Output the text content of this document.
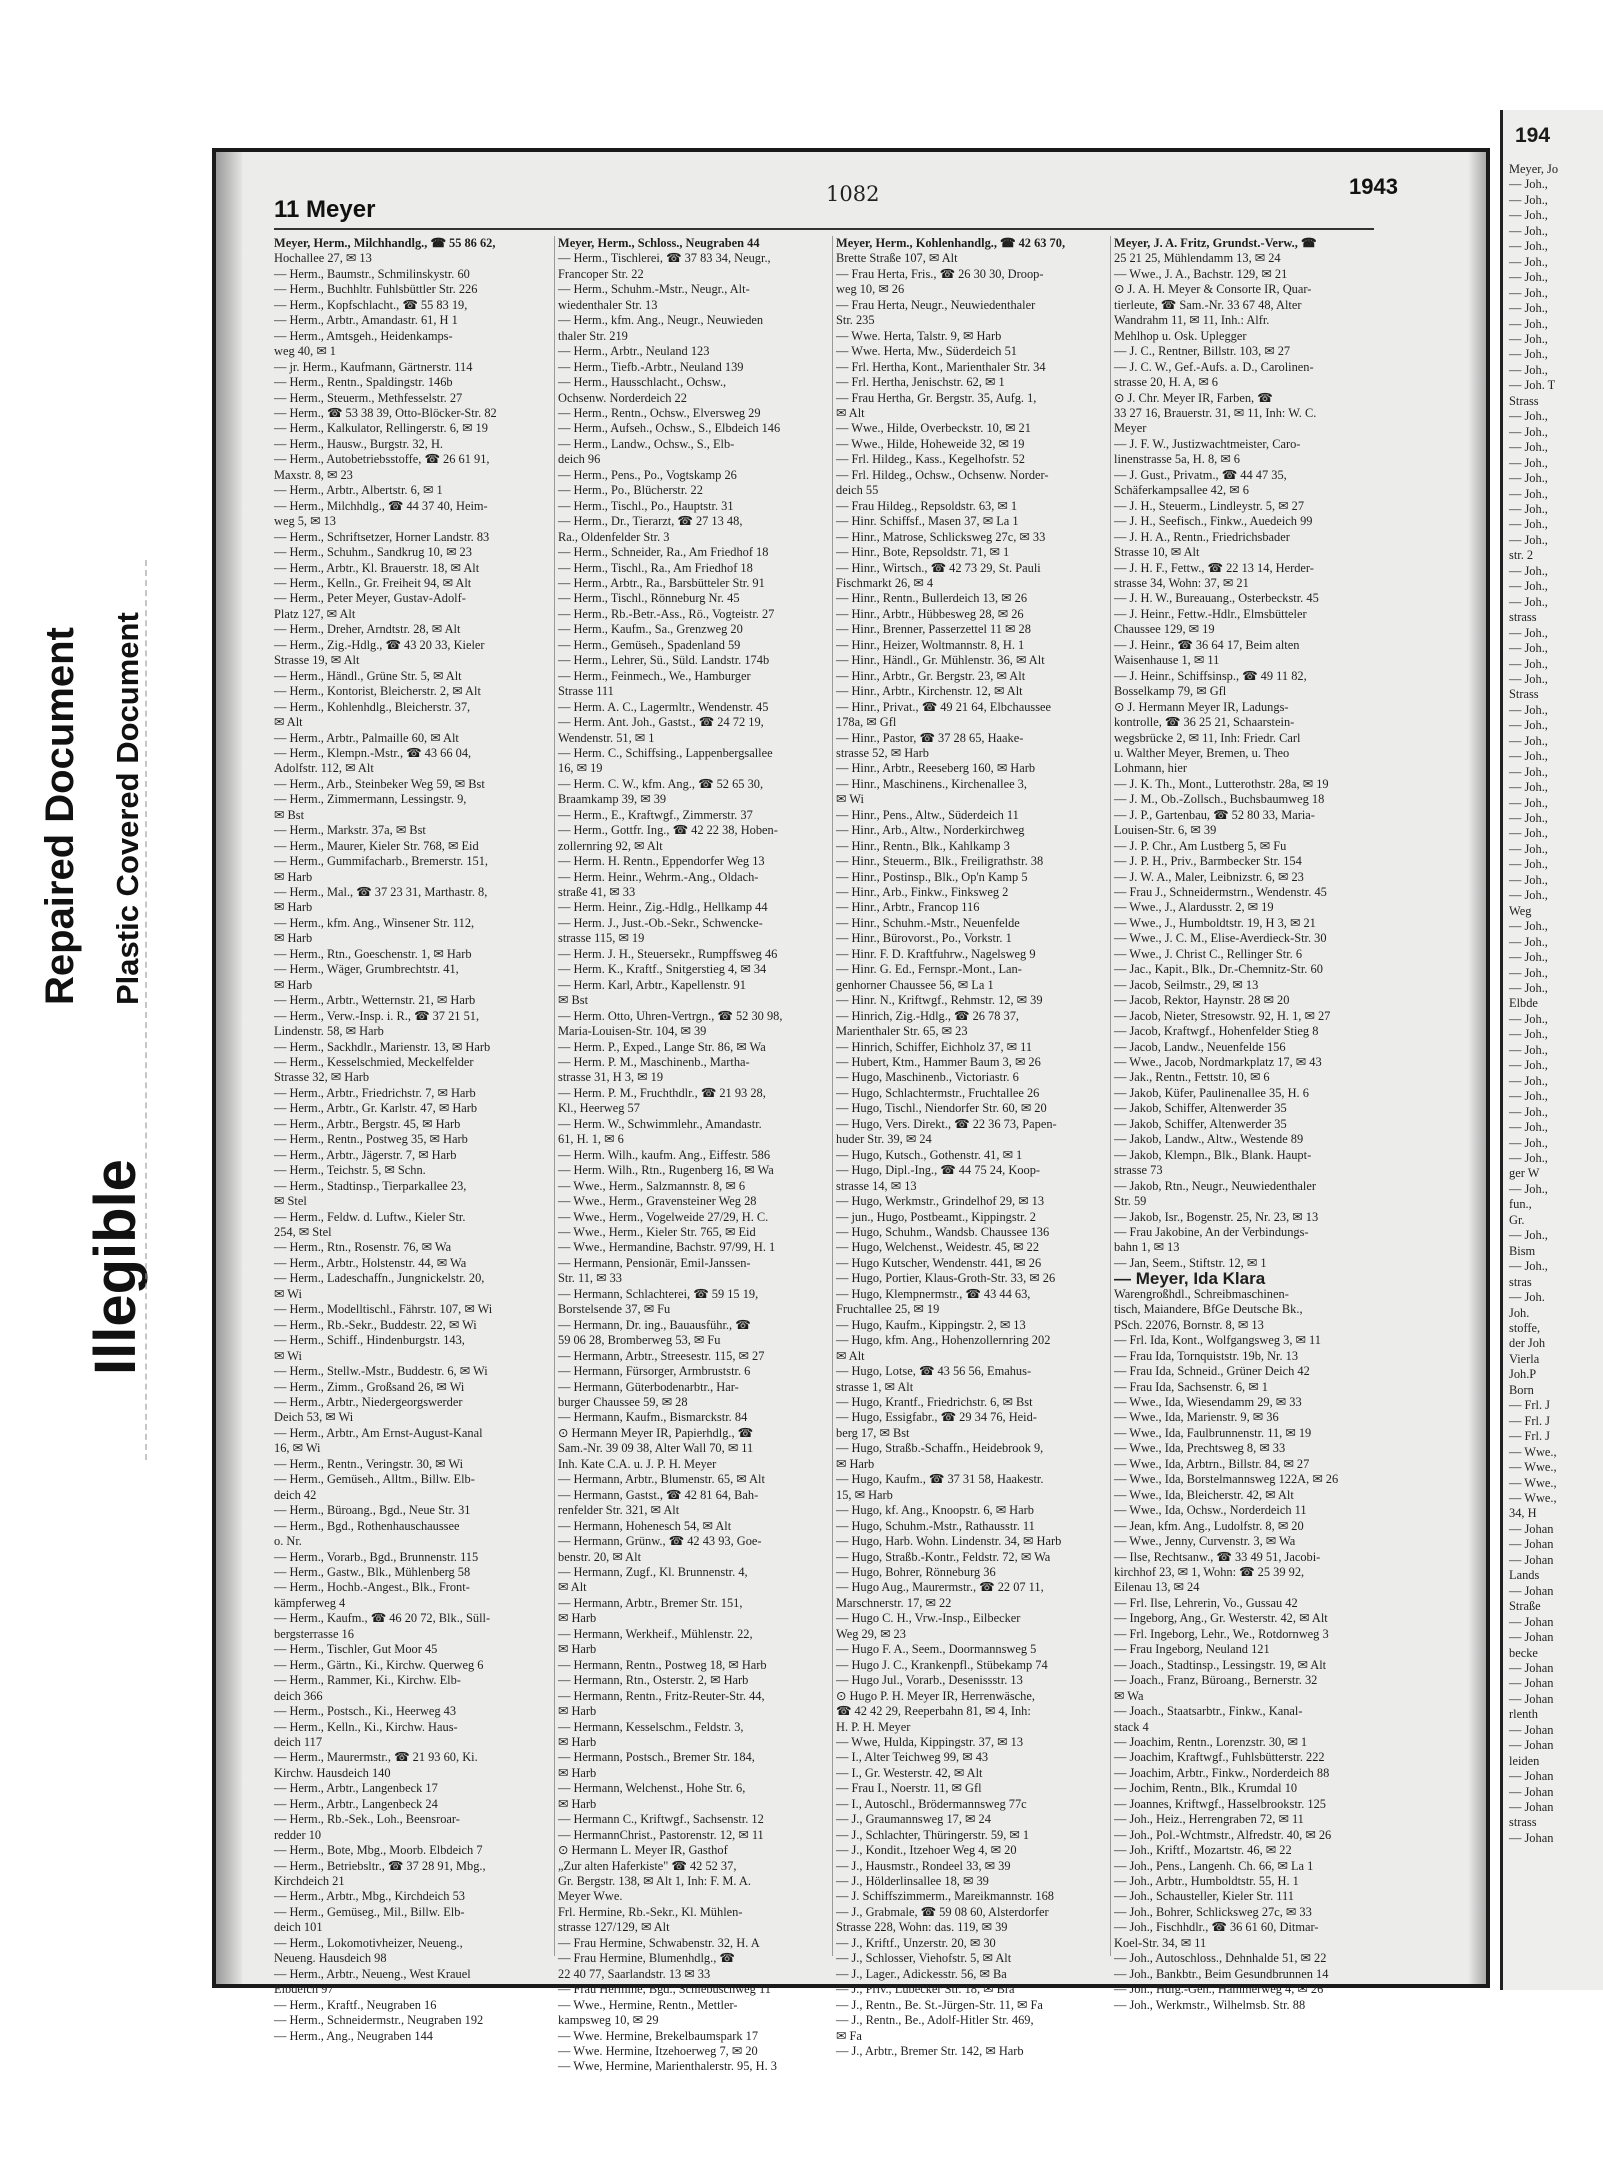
Repaired Document Plastic Covered Document
Illegible
11 Meyer
1082	1943
Meyer, Herm., Milchhandlg., ☎ 55 86 62,
Hochallee 27, ✉ 13
— Herm., Baumstr., Schmilinskystr. 60
— Herm., Buchhltr. Fuhlsbüttler Str. 226
— Herm., Kopfschlacht., ☎ 55 83 19,
— Herm., Arbtr., Amandastr. 61, H 1
— Herm., Amtsgeh., Heidenkamps-
weg 40, ✉ 1
— jr. Herm., Kaufmann, Gärtnerstr. 114
— Herm., Rentn., Spaldingstr. 146b
— Herm., Steuerm., Methfesselstr. 27
— Herm., ☎ 53 38 39, Otto-Blöcker-Str. 82
— Herm., Kalkulator, Rellingerstr. 6, ✉ 19
— Herm., Hausw., Burgstr. 32, H.
— Herm., Autobetriebsstoffe, ☎ 26 61 91,
Maxstr. 8, ✉ 23
— Herm., Arbtr., Albertstr. 6, ✉ 1
— Herm., Milchhdlg., ☎ 44 37 40, Heim-
weg 5, ✉ 13
— Herm., Schriftsetzer, Horner Landstr. 83
— Herm., Schuhm., Sandkrug 10, ✉ 23
— Herm., Arbtr., Kl. Brauerstr. 18, ✉ Alt
— Herm., Kelln., Gr. Freiheit 94, ✉ Alt
— Herm., Peter Meyer, Gustav-Adolf-
Platz 127, ✉ Alt
— Herm., Dreher, Arndtstr. 28, ✉ Alt
— Herm., Zig.-Hdlg., ☎ 43 20 33, Kieler
Strasse 19, ✉ Alt
— Herm., Händl., Grüne Str. 5, ✉ Alt
— Herm., Kontorist, Bleicherstr. 2, ✉ Alt
— Herm., Kohlenhdlg., Bleicherstr. 37,
✉ Alt
— Herm., Arbtr., Palmaille 60, ✉ Alt
— Herm., Klempn.-Mstr., ☎ 43 66 04,
Adolfstr. 112, ✉ Alt
— Herm., Arb., Steinbeker Weg 59, ✉ Bst
— Herm., Zimmermann, Lessingstr. 9,
✉ Bst
— Herm., Markstr. 37a, ✉ Bst
— Herm., Maurer, Kieler Str. 768, ✉ Eid
— Herm., Gummifacharb., Bremerstr. 151,
✉ Harb
— Herm., Mal., ☎ 37 23 31, Marthastr. 8,
✉ Harb
— Herm., kfm. Ang., Winsener Str. 112,
✉ Harb
— Herm., Rtn., Goeschenstr. 1, ✉ Harb
— Herm., Wäger, Grumbrechtstr. 41,
✉ Harb
— Herm., Arbtr., Wetternstr. 21, ✉ Harb
— Herm., Verw.-Insp. i. R., ☎ 37 21 51,
Lindenstr. 58, ✉ Harb
— Herm., Sackhdlr., Marienstr. 13, ✉ Harb
— Herm., Kesselschmied, Meckelfelder
Strasse 32, ✉ Harb
— Herm., Arbtr., Friedrichstr. 7, ✉ Harb
— Herm., Arbtr., Gr. Karlstr. 47, ✉ Harb
— Herm., Arbtr., Bergstr. 45, ✉ Harb
— Herm., Rentn., Postweg 35, ✉ Harb
— Herm., Arbtr., Jägerstr. 7, ✉ Harb
— Herm., Teichstr. 5, ✉ Schn.
— Herm., Stadtinsp., Tierparkallee 23,
✉ Stel
— Herm., Feldw. d. Luftw., Kieler Str.
254, ✉ Stel
— Herm., Rtn., Rosenstr. 76, ✉ Wa
— Herm., Arbtr., Holstenstr. 44, ✉ Wa
— Herm., Ladeschaffn., Jungnickelstr. 20,
✉ Wi
— Herm., Modelltischl., Fährstr. 107, ✉ Wi
— Herm., Rb.-Sekr., Buddestr. 22, ✉ Wi
— Herm., Schiff., Hindenburgstr. 143,
✉ Wi
— Herm., Stellw.-Mstr., Buddestr. 6, ✉ Wi
— Herm., Zimm., Großsand 26, ✉ Wi
— Herm., Arbtr., Niedergeorgswerder
Deich 53, ✉ Wi
— Herm., Arbtr., Am Ernst-August-Kanal
16, ✉ Wi
— Herm., Rentn., Veringstr. 30, ✉ Wi
— Herm., Gemüseh., Alltm., Billw. Elb-
deich 42
— Herm., Büroang., Bgd., Neue Str. 31
— Herm., Bgd., Rothenhauschaussee
o. Nr.
— Herm., Vorarb., Bgd., Brunnenstr. 115
— Herm., Gastw., Blk., Mühlenberg 58
— Herm., Hochb.-Angest., Blk., Front-
kämpferweg 4
— Herm., Kaufm., ☎ 46 20 72, Blk., Süll-
bergsterrasse 16
— Herm., Tischler, Gut Moor 45
— Herm., Gärtn., Ki., Kirchw. Querweg 6
— Herm., Rammer, Ki., Kirchw. Elb-
deich 366
— Herm., Postsch., Ki., Heerweg 43
— Herm., Kelln., Ki., Kirchw. Haus-
deich 117
— Herm., Maurermstr., ☎ 21 93 60, Ki.
Kirchw. Hausdeich 140
— Herm., Arbtr., Langenbeck 17
— Herm., Arbtr., Langenbeck 24
— Herm., Rb.-Sek., Loh., Beensroar-
redder 10
— Herm., Bote, Mbg., Moorb. Elbdeich 7
— Herm., Betriebsltr., ☎ 37 28 91, Mbg.,
Kirchdeich 21
— Herm., Arbtr., Mbg., Kirchdeich 53
— Herm., Gemüseg., Mil., Billw. Elb-
deich 101
— Herm., Lokomotivheizer, Neueng.,
Neueng. Hausdeich 98
— Herm., Arbtr., Neueng., West Krauel
Elbdeich 97
— Herm., Kraftf., Neugraben 16
— Herm., Schneidermstr., Neugraben 192
— Herm., Ang., Neugraben 144
Meyer, Herm., Schloss., Neugraben 44
— Herm., Tischlerei, ☎ 37 83 34, Neugr.,
Francoper Str. 22
— Herm., Schuhm.-Mstr., Neugr., Alt-
wiedenthaler Str. 13
— Herm., kfm. Ang., Neugr., Neuwieden
thaler Str. 219
— Herm., Arbtr., Neuland 123
— Herm., Tiefb.-Arbtr., Neuland 139
— Herm., Hausschlacht., Ochsw.,
Ochsenw. Norderdeich 22
— Herm., Rentn., Ochsw., Elversweg 29
— Herm., Aufseh., Ochsw., S., Elbdeich 146
— Herm., Landw., Ochsw., S., Elb-
deich 96
— Herm., Pens., Po., Vogtskamp 26
— Herm., Po., Blücherstr. 22
— Herm., Tischl., Po., Hauptstr. 31
— Herm., Dr., Tierarzt, ☎ 27 13 48,
Ra., Oldenfelder Str. 3
— Herm., Schneider, Ra., Am Friedhof 18
— Herm., Tischl., Ra., Am Friedhof 18
— Herm., Arbtr., Ra., Barsbütteler Str. 91
— Herm., Tischl., Rönneburg Nr. 45
— Herm., Rb.-Betr.-Ass., Rö., Vogteistr. 27
— Herm., Kaufm., Sa., Grenzweg 20
— Herm., Gemüseh., Spadenland 59
— Herm., Lehrer, Sü., Süld. Landstr. 174b
— Herm., Feinmech., We., Hamburger
Strasse 111
— Herm. A. C., Lagermltr., Wendenstr. 45
— Herm. Ant. Joh., Gastst., ☎ 24 72 19,
Wendenstr. 51, ✉ 1
— Herm. C., Schiffsing., Lappenbergsallee
16, ✉ 19
— Herm. C. W., kfm. Ang., ☎ 52 65 30,
Braamkamp 39, ✉ 39
— Herm., E., Kraftwgf., Zimmerstr. 37
— Herm., Gottfr. Ing., ☎ 42 22 38, Hoben-
zollernring 92, ✉ Alt
— Herm. H. Rentn., Eppendorfer Weg 13
— Herm. Heinr., Wehrm.-Ang., Oldach-
straße 41, ✉ 33
— Herm. Heinr., Zig.-Hdlg., Hellkamp 44
— Herm. J., Just.-Ob.-Sekr., Schwencke-
strasse 115, ✉ 19
— Herm. J. H., Steuersekr., Rumpffsweg 46
— Herm. K., Kraftf., Snitgerstieg 4, ✉ 34
— Herm. Karl, Arbtr., Kapellenstr. 91
✉ Bst
— Herm. Otto, Uhren-Vertrgn., ☎ 52 30 98,
Maria-Louisen-Str. 104, ✉ 39
— Herm. P., Exped., Lange Str. 86, ✉ Wa
— Herm. P. M., Maschinenb., Martha-
strasse 31, H 3, ✉ 19
— Herm. P. M., Fruchthdlr., ☎ 21 93 28,
Kl., Heerweg 57
— Herm. W., Schwimmlehr., Amandastr.
61, H. 1, ✉ 6
— Herm. Wilh., kaufm. Ang., Eiffestr. 586
— Herm. Wilh., Rtn., Rugenberg 16, ✉ Wa
— Wwe., Herm., Salzmannstr. 8, ✉ 6
— Wwe., Herm., Gravensteiner Weg 28
— Wwe., Herm., Vogelweide 27/29, H. C.
— Wwe., Herm., Kieler Str. 765, ✉ Eid
— Wwe., Hermandine, Bachstr. 97/99, H. 1
— Hermann, Pensionär, Emil-Janssen-
Str. 11, ✉ 33
— Hermann, Schlachterei, ☎ 59 15 19,
Borstelsende 37, ✉ Fu
— Hermann, Dr. ing., Bauausführ., ☎
59 06 28, Bromberweg 53, ✉ Fu
— Hermann, Arbtr., Streesestr. 115, ✉ 27
— Hermann, Fürsorger, Armbruststr. 6
— Hermann, Güterbodenarbtr., Har-
burger Chaussee 59, ✉ 28
— Hermann, Kaufm., Bismarckstr. 84
⊙ Hermann Meyer IR, Papierhdlg., ☎
Sam.-Nr. 39 09 38, Alter Wall 70, ✉ 11
Inh. Kate C.A. u. J. P. H. Meyer
— Hermann, Arbtr., Blumenstr. 65, ✉ Alt
— Hermann, Gastst., ☎ 42 81 64, Bah-
renfelder Str. 321, ✉ Alt
— Hermann, Hohenesch 54, ✉ Alt
— Hermann, Grünw., ☎ 42 43 93, Goe-
benstr. 20, ✉ Alt
— Hermann, Zugf., Kl. Brunnenstr. 4,
✉ Alt
— Hermann, Arbtr., Bremer Str. 151,
✉ Harb
— Hermann, Werkheif., Mühlenstr. 22,
✉ Harb
— Hermann, Rentn., Postweg 18, ✉ Harb
— Hermann, Rtn., Osterstr. 2, ✉ Harb
— Hermann, Rentn., Fritz-Reuter-Str. 44,
✉ Harb
— Hermann, Kesselschm., Feldstr. 3,
✉ Harb
— Hermann, Postsch., Bremer Str. 184,
✉ Harb
— Hermann, Welchenst., Hohe Str. 6,
✉ Harb
— Hermann C., Kriftwgf., Sachsenstr. 12
— HermannChrist., Pastorenstr. 12, ✉ 11
⊙ Hermann L. Meyer IR, Gasthof
„Zur alten Haferkiste" ☎ 42 52 37,
Gr. Bergstr. 138, ✉ Alt 1, Inh: F. M. A.
Meyer Wwe.
Frl. Hermine, Rb.-Sekr., Kl. Mühlen-
strasse 127/129, ✉ Alt
— Frau Hermine, Schwabenstr. 32, H. A
— Frau Hermine, Blumenhdlg., ☎
22 40 77, Saarlandstr. 13 ✉ 33
— Frau Hermine, Bgd., Schlebuschweg 11
— Wwe., Hermine, Rentn., Mettler-
kampsweg 10, ✉ 29
— Wwe. Hermine, Brekelbaumspark 17
— Wwe. Hermine, Itzehoerweg 7, ✉ 20
— Wwe, Hermine, Marienthalerstr. 95, H. 3
Meyer, Herm., Kohlenhandlg., ☎ 42 63 70,
Brette Straße 107, ✉ Alt
— Frau Herta, Fris., ☎ 26 30 30, Droop-
weg 10, ✉ 26
— Frau Herta, Neugr., Neuwiedenthaler
Str. 235
— Wwe. Herta, Talstr. 9, ✉ Harb
— Wwe. Herta, Mw., Süderdeich 51
— Frl. Hertha, Kont., Marienthaler Str. 34
— Frl. Hertha, Jenischstr. 62, ✉ 1
— Frau Hertha, Gr. Bergstr. 35, Aufg. 1,
✉ Alt
— Wwe., Hilde, Overbeckstr. 10, ✉ 21
— Wwe., Hilde, Hoheweide 32, ✉ 19
— Frl. Hildeg., Kass., Kegelhofstr. 52
— Frl. Hildeg., Ochsw., Ochsenw. Norder-
deich 55
— Frau Hildeg., Repsoldstr. 63, ✉ 1
— Hinr. Schiffsf., Masen 37, ✉ La 1
— Hinr., Matrose, Schlicksweg 27c, ✉ 33
— Hinr., Bote, Repsoldstr. 71, ✉ 1
— Hinr., Wirtsch., ☎ 42 73 29, St. Pauli
Fischmarkt 26, ✉ 4
— Hinr., Rentn., Bullerdeich 13, ✉ 26
— Hinr., Arbtr., Hübbesweg 28, ✉ 26
— Hinr., Brenner, Passerzettel 11 ✉ 28
— Hinr., Heizer, Woltmannstr. 8, H. 1
— Hinr., Händl., Gr. Mühlenstr. 36, ✉ Alt
— Hinr., Arbtr., Gr. Bergstr. 23, ✉ Alt
— Hinr., Arbtr., Kirchenstr. 12, ✉ Alt
— Hinr., Privat., ☎ 49 21 64, Elbchaussee
178a, ✉ Gfl
— Hinr., Pastor, ☎ 37 28 65, Haake-
strasse 52, ✉ Harb
— Hinr., Arbtr., Reeseberg 160, ✉ Harb
— Hinr., Maschinens., Kirchenallee 3,
✉ Wi
— Hinr., Pens., Altw., Süderdeich 11
— Hinr., Arb., Altw., Norderkirchweg
— Hinr., Rentn., Blk., Kahlkamp 3
— Hinr., Steuerm., Blk., Freiligrathstr. 38
— Hinr., Postinsp., Blk., Op'n Kamp 5
— Hinr., Arb., Finkw., Finksweg 2
— Hinr., Arbtr., Francop 116
— Hinr., Schuhm.-Mstr., Neuenfelde
— Hinr., Bürovorst., Po., Vorkstr. 1
— Hinr. F. D. Kraftfuhrw., Nagelsweg 9
— Hinr. G. Ed., Fernspr.-Mont., Lan-
genhorner Chaussee 56, ✉ La 1
— Hinr. N., Kriftwgf., Rehmstr. 12, ✉ 39
— Hinrich, Zig.-Hdlg., ☎ 26 78 37,
Marienthaler Str. 65, ✉ 23
— Hinrich, Schiffer, Eichholz 37, ✉ 11
— Hubert, Ktm., Hammer Baum 3, ✉ 26
— Hugo, Maschinenb., Victoriastr. 6
— Hugo, Schlachtermstr., Fruchtallee 26
— Hugo, Tischl., Niendorfer Str. 60, ✉ 20
— Hugo, Vers. Direkt., ☎ 22 36 73, Papen-
huder Str. 39, ✉ 24
— Hugo, Kutsch., Gothenstr. 41, ✉ 1
— Hugo, Dipl.-Ing., ☎ 44 75 24, Koop-
strasse 14, ✉ 13
— Hugo, Werkmstr., Grindelhof 29, ✉ 13
— jun., Hugo, Postbeamt., Kippingstr. 2
— Hugo, Schuhm., Wandsb. Chaussee 136
— Hugo, Welchenst., Weidestr. 45, ✉ 22
— Hugo Kutscher, Wendenstr. 441, ✉ 26
— Hugo, Portier, Klaus-Groth-Str. 33, ✉ 26
— Hugo, Klempnermstr., ☎ 43 44 63,
Fruchtallee 25, ✉ 19
— Hugo, Kaufm., Kippingstr. 2, ✉ 13
— Hugo, kfm. Ang., Hohenzollernring 202
✉ Alt
— Hugo, Lotse, ☎ 43 56 56, Emahus-
strasse 1, ✉ Alt
— Hugo, Krantf., Friedrichstr. 6, ✉ Bst
— Hugo, Essigfabr., ☎ 29 34 76, Heid-
berg 17, ✉ Bst
— Hugo, Straßb.-Schaffn., Heidebrook 9,
✉ Harb
— Hugo, Kaufm., ☎ 37 31 58, Haakestr.
15, ✉ Harb
— Hugo, kf. Ang., Knoopstr. 6, ✉ Harb
— Hugo, Schuhm.-Mstr., Rathausstr. 11
— Hugo, Harb. Wohn. Lindenstr. 34, ✉ Harb
— Hugo, Straßb.-Kontr., Feldstr. 72, ✉ Wa
— Hugo, Bohrer, Rönneburg 36
— Hugo Aug., Maurermstr., ☎ 22 07 11,
Marschnerstr. 17, ✉ 22
— Hugo C. H., Vrw.-Insp., Eilbecker
Weg 29, ✉ 23
— Hugo F. A., Seem., Doormannsweg 5
— Hugo J. C., Krankenpfl., Stübekamp 74
— Hugo Jul., Vorarb., Desenissstr. 13
⊙ Hugo P. H. Meyer IR, Herrenwäsche,
☎ 42 42 29, Reeperbahn 81, ✉ 4, Inh:
H. P. H. Meyer
— Wwe, Hulda, Kippingstr. 37, ✉ 13
— I., Alter Teichweg 99, ✉ 43
— I., Gr. Westerstr. 42, ✉ Alt
— Frau I., Noerstr. 11, ✉ Gfl
— I., Autoschl., Brödermannsweg 77c
— J., Graumannsweg 17, ✉ 24
— J., Schlachter, Thüringerstr. 59, ✉ 1
— J., Kondit., Itzehoer Weg 4, ✉ 20
— J., Hausmstr., Rondeel 33, ✉ 39
— J., Hölderlinsallee 18, ✉ 39
— J. Schiffszimmerm., Mareikmannstr. 168
— J., Grabmale, ☎ 59 08 60, Alsterdorfer
Strasse 228, Wohn: das. 119, ✉ 39
— J., Kriftf., Unzerstr. 20, ✉ 30
— J., Schlosser, Viehofstr. 5, ✉ Alt
— J., Lager., Adickesstr. 56, ✉ Ba
— J., Priv., Lübecker Str. 18, ✉ Bra
— J., Rentn., Be. St.-Jürgen-Str. 11, ✉ Fa
— J., Rentn., Be., Adolf-Hitler Str. 469,
✉ Fa
— J., Arbtr., Bremer Str. 142, ✉ Harb
Meyer, J. A. Fritz, Grundst.-Verw., ☎
25 21 25, Mühlendamm 13, ✉ 24
— Wwe., J. A., Bachstr. 129, ✉ 21
⊙ J. A. H. Meyer & Consorte IR, Quar-
tierleute, ☎ Sam.-Nr. 33 67 48, Alter
Wandrahm 11, ✉ 11, Inh.: Alfr.
Mehlhop u. Osk. Uplegger
— J. C., Rentner, Billstr. 103, ✉ 27
— J. C. W., Gef.-Aufs. a. D., Carolinen-
strasse 20, H. A, ✉ 6
⊙ J. Chr. Meyer IR, Farben, ☎
33 27 16, Brauerstr. 31, ✉ 11, Inh: W. C.
Meyer
— J. F. W., Justizwachtmeister, Caro-
linenstrasse 5a, H. 8, ✉ 6
— J. Gust., Privatm., ☎ 44 47 35,
Schäferkampsallee 42, ✉ 6
— J. H., Steuerm., Lindleystr. 5, ✉ 27
— J. H., Seefisch., Finkw., Auedeich 99
— J. H. A., Rentn., Friedrichsbader
Strasse 10, ✉ Alt
— J. H. F., Fettw., ☎ 22 13 14, Herder-
strasse 34, Wohn: 37, ✉ 21
— J. H. W., Bureauang., Osterbeckstr. 45
— J. Heinr., Fettw.-Hdlr., Elmsbütteler
Chaussee 129, ✉ 19
— J. Heinr., ☎ 36 64 17, Beim alten
Waisenhause 1, ✉ 11
— J. Heinr., Schiffsinsp., ☎ 49 11 82,
Bosselkamp 79, ✉ Gfl
⊙ J. Hermann Meyer IR, Ladungs-
kontrolle, ☎ 36 25 21, Schaarstein-
wegsbrücke 2, ✉ 11, Inh: Friedr. Carl
u. Walther Meyer, Bremen, u. Theo
Lohmann, hier
— J. K. Th., Mont., Lutterothstr. 28a, ✉ 19
— J. M., Ob.-Zollsch., Buchsbaumweg 18
— J. P., Gartenbau, ☎ 52 80 33, Maria-
Louisen-Str. 6, ✉ 39
— J. P. Chr., Am Lustberg 5, ✉ Fu
— J. P. H., Priv., Barmbecker Str. 154
— J. W. A., Maler, Leibnizstr. 6, ✉ 23
— Frau J., Schneidermstrn., Wendenstr. 45
— Wwe., J., Alardusstr. 2, ✉ 19
— Wwe., J., Humboldtstr. 19, H 3, ✉ 21
— Wwe., J. C. M., Elise-Averdieck-Str. 30
— Wwe., J. Christ C., Rellinger Str. 6
— Jac., Kapit., Blk., Dr.-Chemnitz-Str. 60
— Jacob, Seilmstr., 29, ✉ 13
— Jacob, Rektor, Haynstr. 28 ✉ 20
— Jacob, Nieter, Stresowstr. 92, H. 1, ✉ 27
— Jacob, Kraftwgf., Hohenfelder Stieg 8
— Jacob, Landw., Neuenfelde 156
— Wwe., Jacob, Nordmarkplatz 17, ✉ 43
— Jak., Rentn., Fettstr. 10, ✉ 6
— Jakob, Küfer, Paulinenallee 35, H. 6
— Jakob, Schiffer, Altenwerder 35
— Jakob, Schiffer, Altenwerder 35
— Jakob, Landw., Altw., Westende 89
— Jakob, Klempn., Blk., Blank. Haupt-
strasse 73
— Jakob, Rtn., Neugr., Neuwiedenthaler
Str. 59
— Jakob, Isr., Bogenstr. 25, Nr. 23, ✉ 13
— Frau Jakobine, An der Verbindungs-
bahn 1, ✉ 13
— Jan, Seem., Stiftstr. 12, ✉ 1
— Meyer, Ida Klara
Warengroßhdl., Schreibmaschinen-
tisch, Maiandere, BfGe Deutsche Bk.,
PSch. 22076, Bornstr. 8, ✉ 13
— Frl. Ida, Kont., Wolfgangsweg 3, ✉ 11
— Frau Ida, Tornquiststr. 19b, Nr. 13
— Frau Ida, Schneid., Grüner Deich 42
— Frau Ida, Sachsenstr. 6, ✉ 1
— Wwe., Ida, Wiesendamm 29, ✉ 33
— Wwe., Ida, Marienstr. 9, ✉ 36
— Wwe., Ida, Faulbrunnenstr. 11, ✉ 19
— Wwe., Ida, Prechtsweg 8, ✉ 33
— Wwe., Ida, Arbtrn., Billstr. 84, ✉ 27
— Wwe., Ida, Borstelmannsweg 122A, ✉ 26
— Wwe., Ida, Bleicherstr. 42, ✉ Alt
— Wwe., Ida, Ochsw., Norderdeich 11
— Jean, kfm. Ang., Ludolfstr. 8, ✉ 20
— Wwe., Jenny, Curvenstr. 3, ✉ Wa
— Ilse, Rechtsanw., ☎ 33 49 51, Jacobi-
kirchhof 23, ✉ 1, Wohn: ☎ 25 39 92,
Eilenau 13, ✉ 24
— Frl. Ilse, Lehrerin, Vo., Gussau 42
— Ingeborg, Ang., Gr. Westerstr. 42, ✉ Alt
— Frl. Ingeborg, Lehr., We., Rotdornweg 3
— Frau Ingeborg, Neuland 121
— Joach., Stadtinsp., Lessingstr. 19, ✉ Alt
— Joach., Franz, Büroang., Bernerstr. 32
✉ Wa
— Joach., Staatsarbtr., Finkw., Kanal-
stack 4
— Joachim, Rentn., Lorenzstr. 30, ✉ 1
— Joachim, Kraftwgf., Fuhlsbütterstr. 222
— Joachim, Arbtr., Finkw., Norderdeich 88
— Jochim, Rentn., Blk., Krumdal 10
— Joannes, Kriftwgf., Hasselbrookstr. 125
— Joh., Heiz., Herrengraben 72, ✉ 11
— Joh., Pol.-Wchtmstr., Alfredstr. 40, ✉ 26
— Joh., Kriftf., Mozartstr. 46, ✉ 22
— Joh., Pens., Langenh. Ch. 66, ✉ La 1
— Joh., Arbtr., Humboldtstr. 55, H. 1
— Joh., Schausteller, Kieler Str. 111
— Joh., Bohrer, Schlicksweg 27c, ✉ 33
— Joh., Fischhdlr., ☎ 36 61 60, Ditmar-
Koel-Str. 34, ✉ 11
— Joh., Autoschloss., Dehnhalde 51, ✉ 22
— Joh., Bankbtr., Beim Gesundbrunnen 14
— Joh., Hdlg.-Geh., Hammerweg 4, ✉ 26
— Joh., Werkmstr., Wilhelmsb. Str. 88
194
Meyer, Jo
— Joh.,
— Joh.,
— Joh.,
— Joh.,
— Joh.,
— Joh.,
— Joh.,
— Joh.,
— Joh.,
— Joh.,
— Joh.,
— Joh.,
— Joh.,
— Joh. T
Strass
— Joh.,
— Joh.,
— Joh.,
— Joh.,
— Joh.,
— Joh.,
— Joh.,
— Joh.,
— Joh.,
str. 2
— Joh.,
— Joh.,
— Joh.,
strass
— Joh.,
— Joh.,
— Joh.,
— Joh.,
Strass
— Joh.,
— Joh.,
— Joh.,
— Joh.,
— Joh.,
— Joh.,
— Joh.,
— Joh.,
— Joh.,
— Joh.,
— Joh.,
— Joh.,
— Joh.,
Weg
— Joh.,
— Joh.,
— Joh.,
— Joh.,
— Joh.,
Elbde
— Joh.,
— Joh.,
— Joh.,
— Joh.,
— Joh.,
— Joh.,
— Joh.,
— Joh.,
— Joh.,
— Joh.,
ger W
— Joh.,
fun.,
Gr.
— Joh.,
Bism
— Joh.,
stras
— Joh.
Joh.
stoffe,
der Joh
Vierla
Joh.P
Born
— Frl. J
— Frl. J
— Frl. J
— Wwe.,
— Wwe.,
— Wwe.,
— Wwe.,
34, H
— Johan
— Johan
— Johan
Lands
— Johan
Straße
— Johan
— Johan
becke
— Johan
— Johan
— Johan
rlenth
— Johan
— Johan
leiden
— Johan
— Johan
— Johan
strass
— Johan
